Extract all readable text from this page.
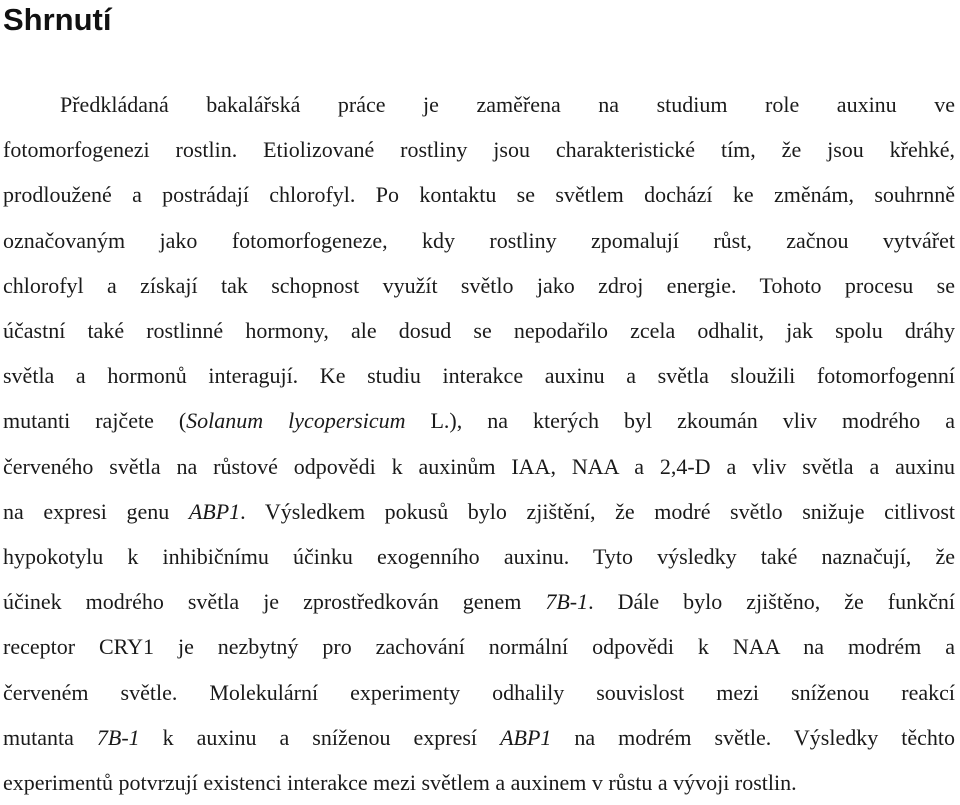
Shrnutí
Předkládaná bakalářská práce je zaměřena na studium role auxinu ve
fotomorfogenezi rostlin. Etiolizované rostliny jsou charakteristické tím, že jsou křehké,
prodloužené a postrádají chlorofyl. Po kontaktu se světlem dochází ke změnám, souhrnně
označovaným jako fotomorfogeneze, kdy rostliny zpomalují růst, začnou vytvářet
chlorofyl a získají tak schopnost využít světlo jako zdroj energie. Tohoto procesu se
účastní také rostlinné hormony, ale dosud se nepodařilo zcela odhalit, jak spolu dráhy
světla a hormonů interagují. Ke studiu interakce auxinu a světla sloužili fotomorfogenní
mutanti rajčete (Solanum lycopersicum L.), na kterých byl zkoumán vliv modrého a
červeného světla na růstové odpovědi k auxinům IAA, NAA a 2,4-D a vliv světla a auxinu
na expresi genu ABP1. Výsledkem pokusů bylo zjištění, že modré světlo snižuje citlivost
hypokotylu k inhibičnímu účinku exogenního auxinu. Tyto výsledky také naznačují, že
účinek modrého světla je zprostředkován genem 7B-1. Dále bylo zjištěno, že funkční
receptor CRY1 je nezbytný pro zachování normální odpovědi k NAA na modrém a
červeném světle. Molekulární experimenty odhalily souvislost mezi sníženou reakcí
mutanta 7B-1 k auxinu a sníženou expresí ABP1 na modrém světle. Výsledky těchto
experimentů potvrzují existenci interakce mezi světlem a auxinem v růstu a vývoji rostlin.
